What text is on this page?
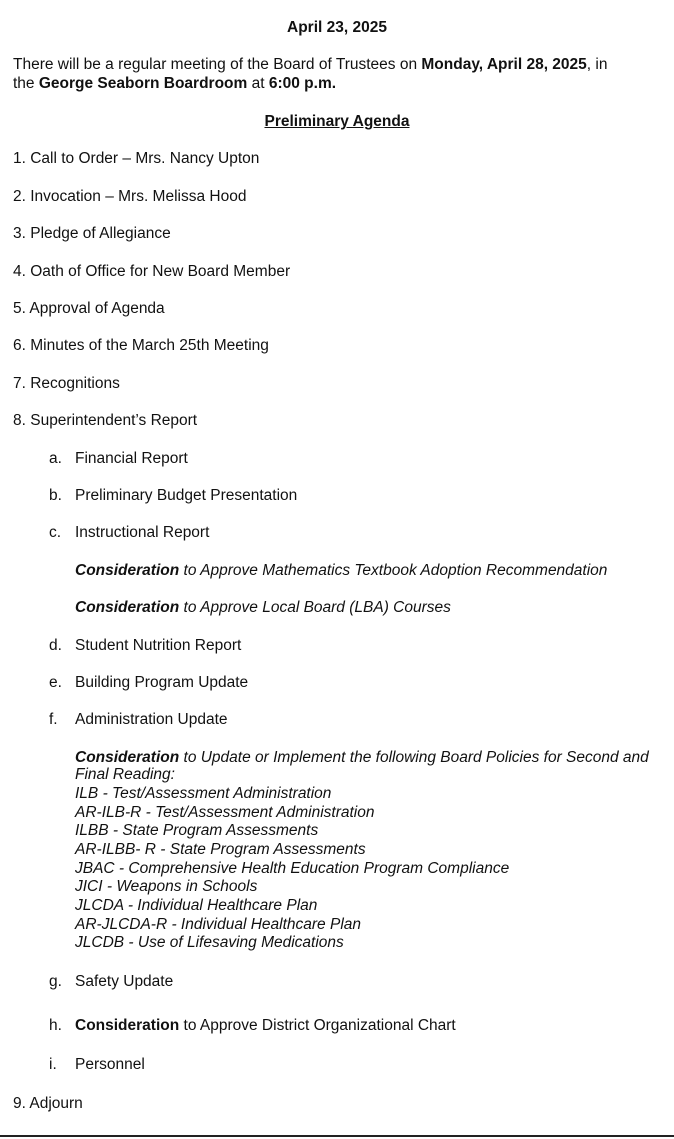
April 23, 2025
There will be a regular meeting of the Board of Trustees on Monday, April 28, 2025, in
the George Seaborn Boardroom at 6:00 p.m.
Preliminary Agenda
1. Call to Order – Mrs. Nancy Upton
2. Invocation – Mrs. Melissa Hood
3. Pledge of Allegiance
4. Oath of Office for New Board Member
5. Approval of Agenda
6. Minutes of the March 25th Meeting
7. Recognitions
8. Superintendent’s Report
a. Financial Report
b. Preliminary Budget Presentation
c. Instructional Report
Consideration to Approve Mathematics Textbook Adoption Recommendation
Consideration to Approve Local Board (LBA) Courses
d. Student Nutrition Report
e. Building Program Update
f.	Administration Update
Consideration to Update or Implement the following Board Policies for Second and
Final Reading:
ILB - Test/Assessment Administration
AR-ILB-R - Test/Assessment Administration
ILBB - State Program Assessments
AR-ILBB- R - State Program Assessments
JBAC - Comprehensive Health Education Program Compliance
JICI - Weapons in Schools
JLCDA - Individual Healthcare Plan
AR-JLCDA-R - Individual Healthcare Plan
JLCDB - Use of Lifesaving Medications
g. Safety Update
h. Consideration to Approve District Organizational Chart
i.	Personnel
9. Adjourn
